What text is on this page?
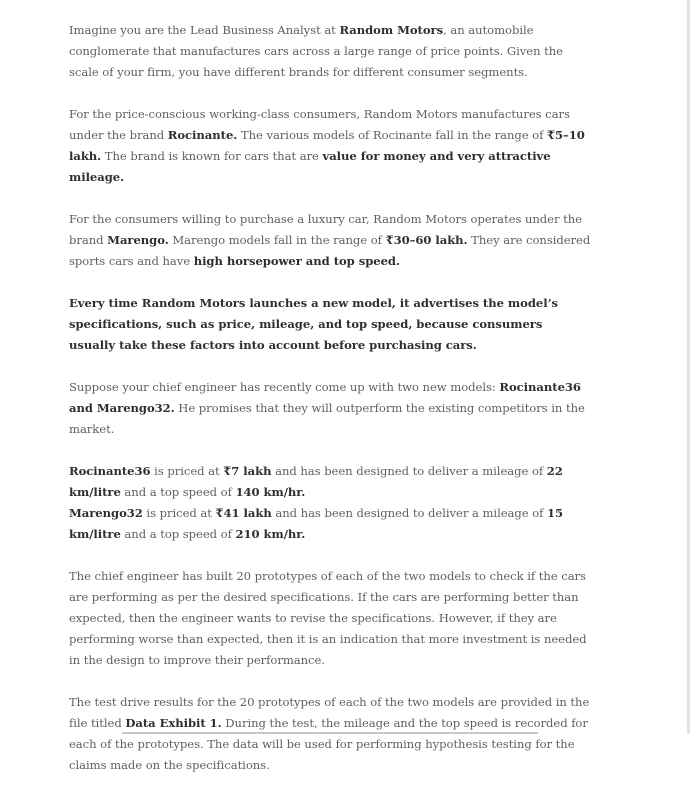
Imagine you are the Lead Business Analyst at Random Motors, an automobile conglomerate that manufactures cars across a large range of price points. Given the scale of your firm, you have different brands for different consumer segments.

For the price-conscious working-class consumers, Random Motors manufactures cars under the brand Rocinante. The various models of Rocinante fall in the range of ₹5–10 lakh. The brand is known for cars that are value for money and very attractive mileage.

For the consumers willing to purchase a luxury car, Random Motors operates under the brand Marengo. Marengo models fall in the range of ₹30–60 lakh. They are considered sports cars and have high horsepower and top speed.

Every time Random Motors launches a new model, it advertises the model’s specifications, such as price, mileage, and top speed, because consumers usually take these factors into account before purchasing cars.

Suppose your chief engineer has recently come up with two new models: Rocinante36 and Marengo32. He promises that they will outperform the existing competitors in the market.

Rocinante36 is priced at ₹7 lakh and has been designed to deliver a mileage of 22 km/litre and a top speed of 140 km/hr.

Marengo32 is priced at ₹41 lakh and has been designed to deliver a mileage of 15 km/litre and a top speed of 210 km/hr.

The chief engineer has built 20 prototypes of each of the two models to check if the cars are performing as per the desired specifications. If the cars are performing better than expected, then the engineer wants to revise the specifications. However, if they are performing worse than expected, then it is an indication that more investment is needed in the design to improve their performance.

The test drive results for the 20 prototypes of each of the two models are provided in the file titled Data Exhibit 1. During the test, the mileage and the top speed is recorded for each of the prototypes. The data will be used for performing hypothesis testing for the claims made on the specifications.
